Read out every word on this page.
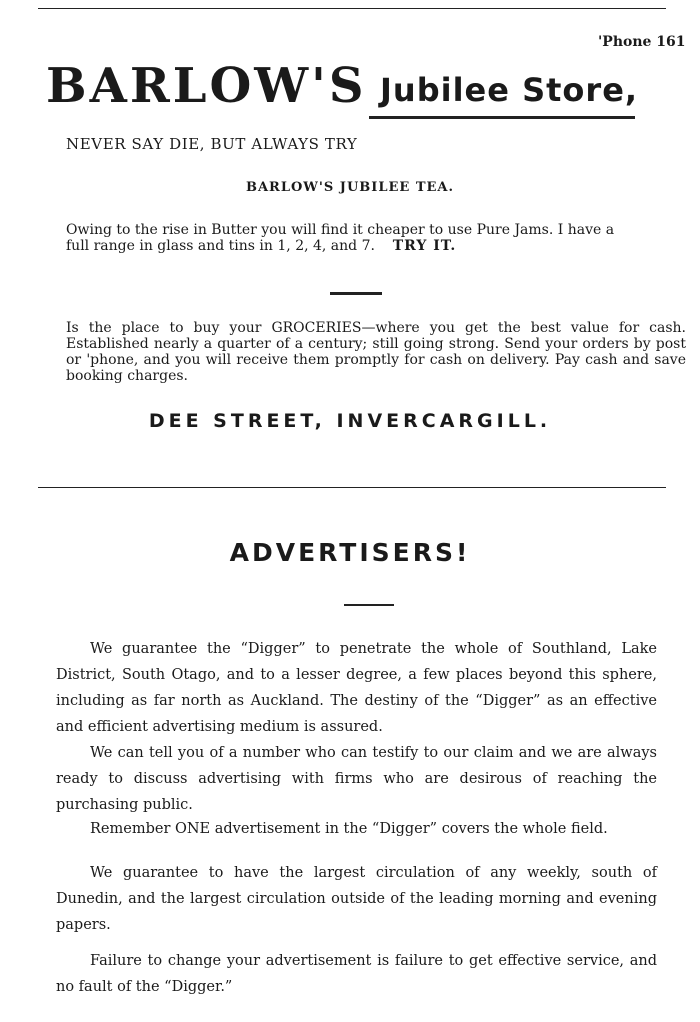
'Phone 161
BARLOW'S Jubilee Store,
NEVER SAY DIE, BUT ALWAYS TRY
BARLOW'S JUBILEE TEA.
Owing to the rise in Butter you will find it cheaper to use Pure Jams. I have a full range in glass and tins in 1, 2, 4, and 7. TRY IT.
Is the place to buy your GROCERIES—where you get the best value for cash. Established nearly a quarter of a century; still going strong. Send your orders by post or 'phone, and you will receive them promptly for cash on delivery. Pay cash and save booking charges.
DEE STREET, INVERCARGILL.
ADVERTISERS!

We guarantee the “Digger” to penetrate the whole of Southland, Lake District, South Otago, and to a lesser degree, a few places beyond this sphere, including as far north as Auckland. The destiny of the “Digger” as an effective and efficient advertising medium is assured.

We can tell you of a number who can testify to our claim and we are always ready to discuss advertising with firms who are desirous of reaching the purchasing public.

Remember ONE advertisement in the “Digger” covers the whole field.

We guarantee to have the largest circulation of any weekly, south of Dunedin, and the largest circulation outside of the leading morning and evening papers.

Failure to change your advertisement is failure to get effective service, and no fault of the “Digger.”
